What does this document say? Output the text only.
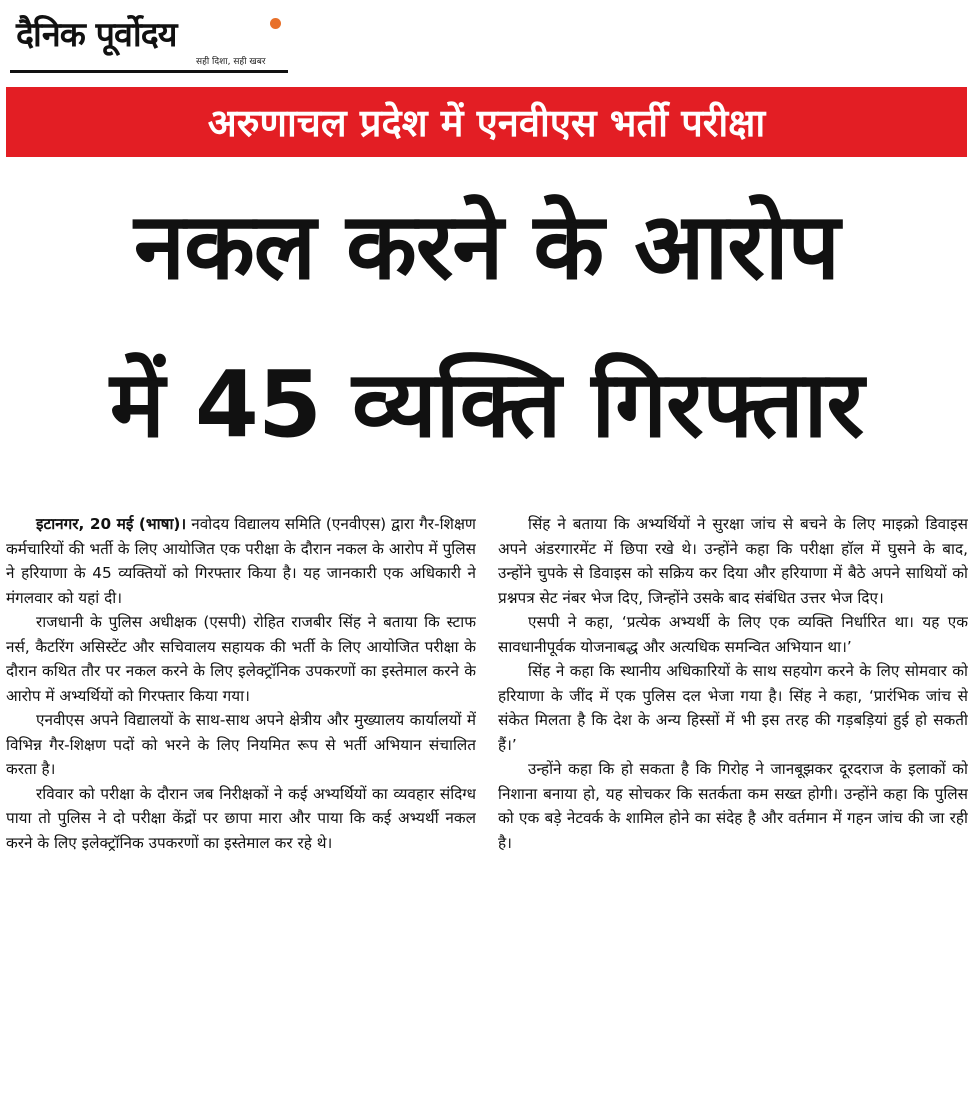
दैनिक पूर्वोदय
सही दिशा, सही खबर
अरुणाचल प्रदेश में एनवीएस भर्ती परीक्षा
नकल करने के आरोप
में 45 व्यक्ति गिरफ्तार

इटानगर, 20 मई (भाषा)। नवोदय विद्यालय समिति (एनवीएस) द्वारा गैर-शिक्षण कर्मचारियों की भर्ती के लिए आयोजित एक परीक्षा के दौरान नकल के आरोप में पुलिस ने हरियाणा के 45 व्यक्तियों को गिरफ्तार किया है। यह जानकारी एक अधिकारी ने मंगलवार को यहां दी।

राजधानी के पुलिस अधीक्षक (एसपी) रोहित राजबीर सिंह ने बताया कि स्टाफ नर्स, कैटरिंग असिस्टेंट और सचिवालय सहायक की भर्ती के लिए आयोजित परीक्षा के दौरान कथित तौर पर नकल करने के लिए इलेक्ट्रॉनिक उपकरणों का इस्तेमाल करने के आरोप में अभ्यर्थियों को गिरफ्तार किया गया।

एनवीएस अपने विद्यालयों के साथ-साथ अपने क्षेत्रीय और मुख्यालय कार्यालयों में विभिन्न गैर-शिक्षण पदों को भरने के लिए नियमित रूप से भर्ती अभियान संचालित करता है।

रविवार को परीक्षा के दौरान जब निरीक्षकों ने कई अभ्यर्थियों का व्यवहार संदिग्ध पाया तो पुलिस ने दो परीक्षा केंद्रों पर छापा मारा और पाया कि कई अभ्यर्थी नकल करने के लिए इलेक्ट्रॉनिक उपकरणों का इस्तेमाल कर रहे थे।

सिंह ने बताया कि अभ्यर्थियों ने सुरक्षा जांच से बचने के लिए माइक्रो डिवाइस अपने अंडरगारमेंट में छिपा रखे थे। उन्होंने कहा कि परीक्षा हॉल में घुसने के बाद, उन्होंने चुपके से डिवाइस को सक्रिय कर दिया और हरियाणा में बैठे अपने साथियों को प्रश्नपत्र सेट नंबर भेज दिए, जिन्होंने उसके बाद संबंधित उत्तर भेज दिए।

एसपी ने कहा, ‘प्रत्येक अभ्यर्थी के लिए एक व्यक्ति निर्धारित था। यह एक सावधानीपूर्वक योजनाबद्ध और अत्यधिक समन्वित अभियान था।’

सिंह ने कहा कि स्थानीय अधिकारियों के साथ सहयोग करने के लिए सोमवार को हरियाणा के जींद में एक पुलिस दल भेजा गया है। सिंह ने कहा, ‘प्रारंभिक जांच से संकेत मिलता है कि देश के अन्य हिस्सों में भी इस तरह की गड़बड़ियां हुई हो सकती हैं।’

उन्होंने कहा कि हो सकता है कि गिरोह ने जानबूझकर दूरदराज के इलाकों को निशाना बनाया हो, यह सोचकर कि सतर्कता कम सख्त होगी। उन्होंने कहा कि पुलिस को एक बड़े नेटवर्क के शामिल होने का संदेह है और वर्तमान में गहन जांच की जा रही है।
